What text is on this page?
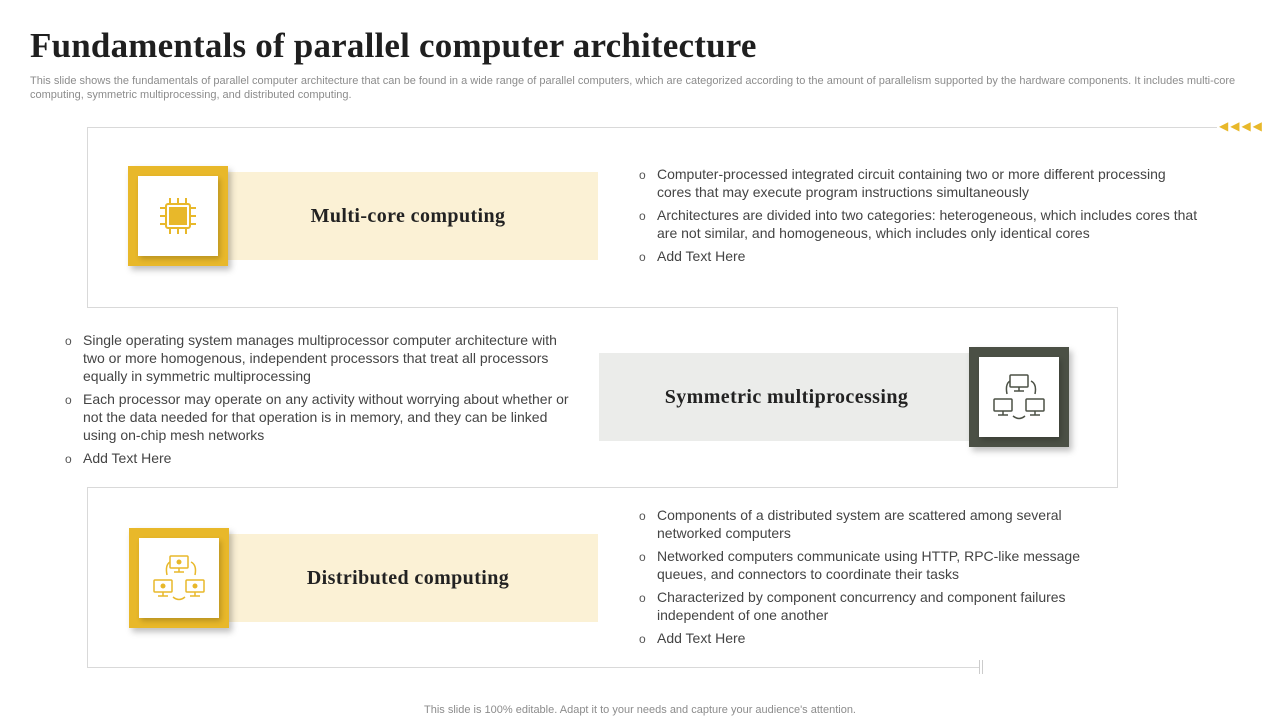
Fundamentals of parallel computer architecture

This slide shows the fundamentals of parallel computer architecture that can be found in a wide range of parallel computers, which are categorized according to the amount of parallelism supported by the hardware components. It includes multi-core computing, symmetric multiprocessing, and distributed computing.

◀◀◀◀
Multi-core computing
o Computer-processed integrated circuit containing two or more different processing cores that may execute program instructions simultaneously
o Architectures are divided into two categories: heterogeneous, which includes cores that are not similar, and homogeneous, which includes only identical cores
o Add Text Here
Symmetric multiprocessing
o Single operating system manages multiprocessor computer architecture with two or more homogenous, independent processors that treat all processors equally in symmetric multiprocessing
o Each processor may operate on any activity without worrying about whether or not the data needed for that operation is in memory, and they can be linked using on-chip mesh networks
o Add Text Here
Distributed computing
o Components of a distributed system are scattered among several networked computers
o Networked computers communicate using HTTP, RPC-like message queues, and connectors to coordinate their tasks
o Characterized by component concurrency and component failures independent of one another
o Add Text Here
This slide is 100% editable. Adapt it to your needs and capture your audience's attention.
